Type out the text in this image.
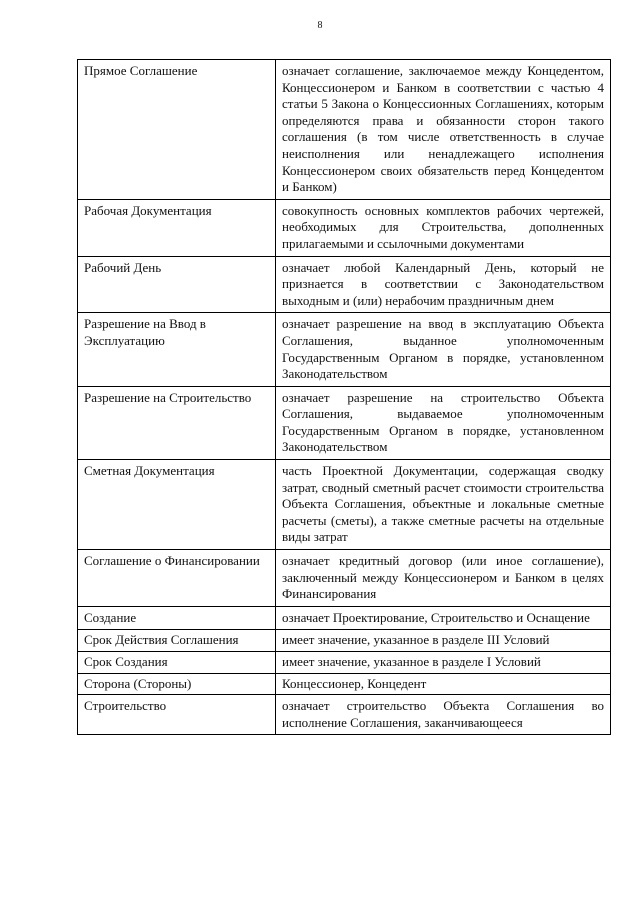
8
Прямое Соглашение	означает соглашение, заключаемое между Концедентом, Концессионером и Банком в соответствии с частью 4 статьи 5 Закона о Концессионных Соглашениях, которым определяются права и обязанности сторон такого соглашения (в том числе ответственность в случае неисполнения или ненадлежащего исполнения Концессионером своих обязательств перед Концедентом и Банком)
Рабочая Документация	совокупность основных комплектов рабочих чертежей, необходимых для Строительства, дополненных прилагаемыми и ссылочными документами
Рабочий День	означает любой Календарный День, который не признается в соответствии с Законодательством выходным и (или) нерабочим праздничным днем
Разрешение на Ввод в Эксплуатацию	означает разрешение на ввод в эксплуатацию Объекта Соглашения, выданное уполномоченным Государственным Органом в порядке, установленном Законодательством
Разрешение на Строительство	означает разрешение на строительство Объекта Соглашения, выдаваемое уполномоченным Государственным Органом в порядке, установленном Законодательством
Сметная Документация	часть Проектной Документации, содержащая сводку затрат, сводный сметный расчет стоимости строительства Объекта Соглашения, объектные и локальные сметные расчеты (сметы), а также сметные расчеты на отдельные виды затрат
Соглашение о Финансировании	означает кредитный договор (или иное соглашение), заключенный между Концессионером и Банком в целях Финансирования
Создание	означает Проектирование, Строительство и Оснащение
Срок Действия Соглашения	имеет значение, указанное в разделе III Условий
Срок Создания	имеет значение, указанное в разделе I Условий
Сторона (Стороны)	Концессионер, Концедент
Строительство	означает строительство Объекта Соглашения во исполнение Соглашения, заканчивающееся
